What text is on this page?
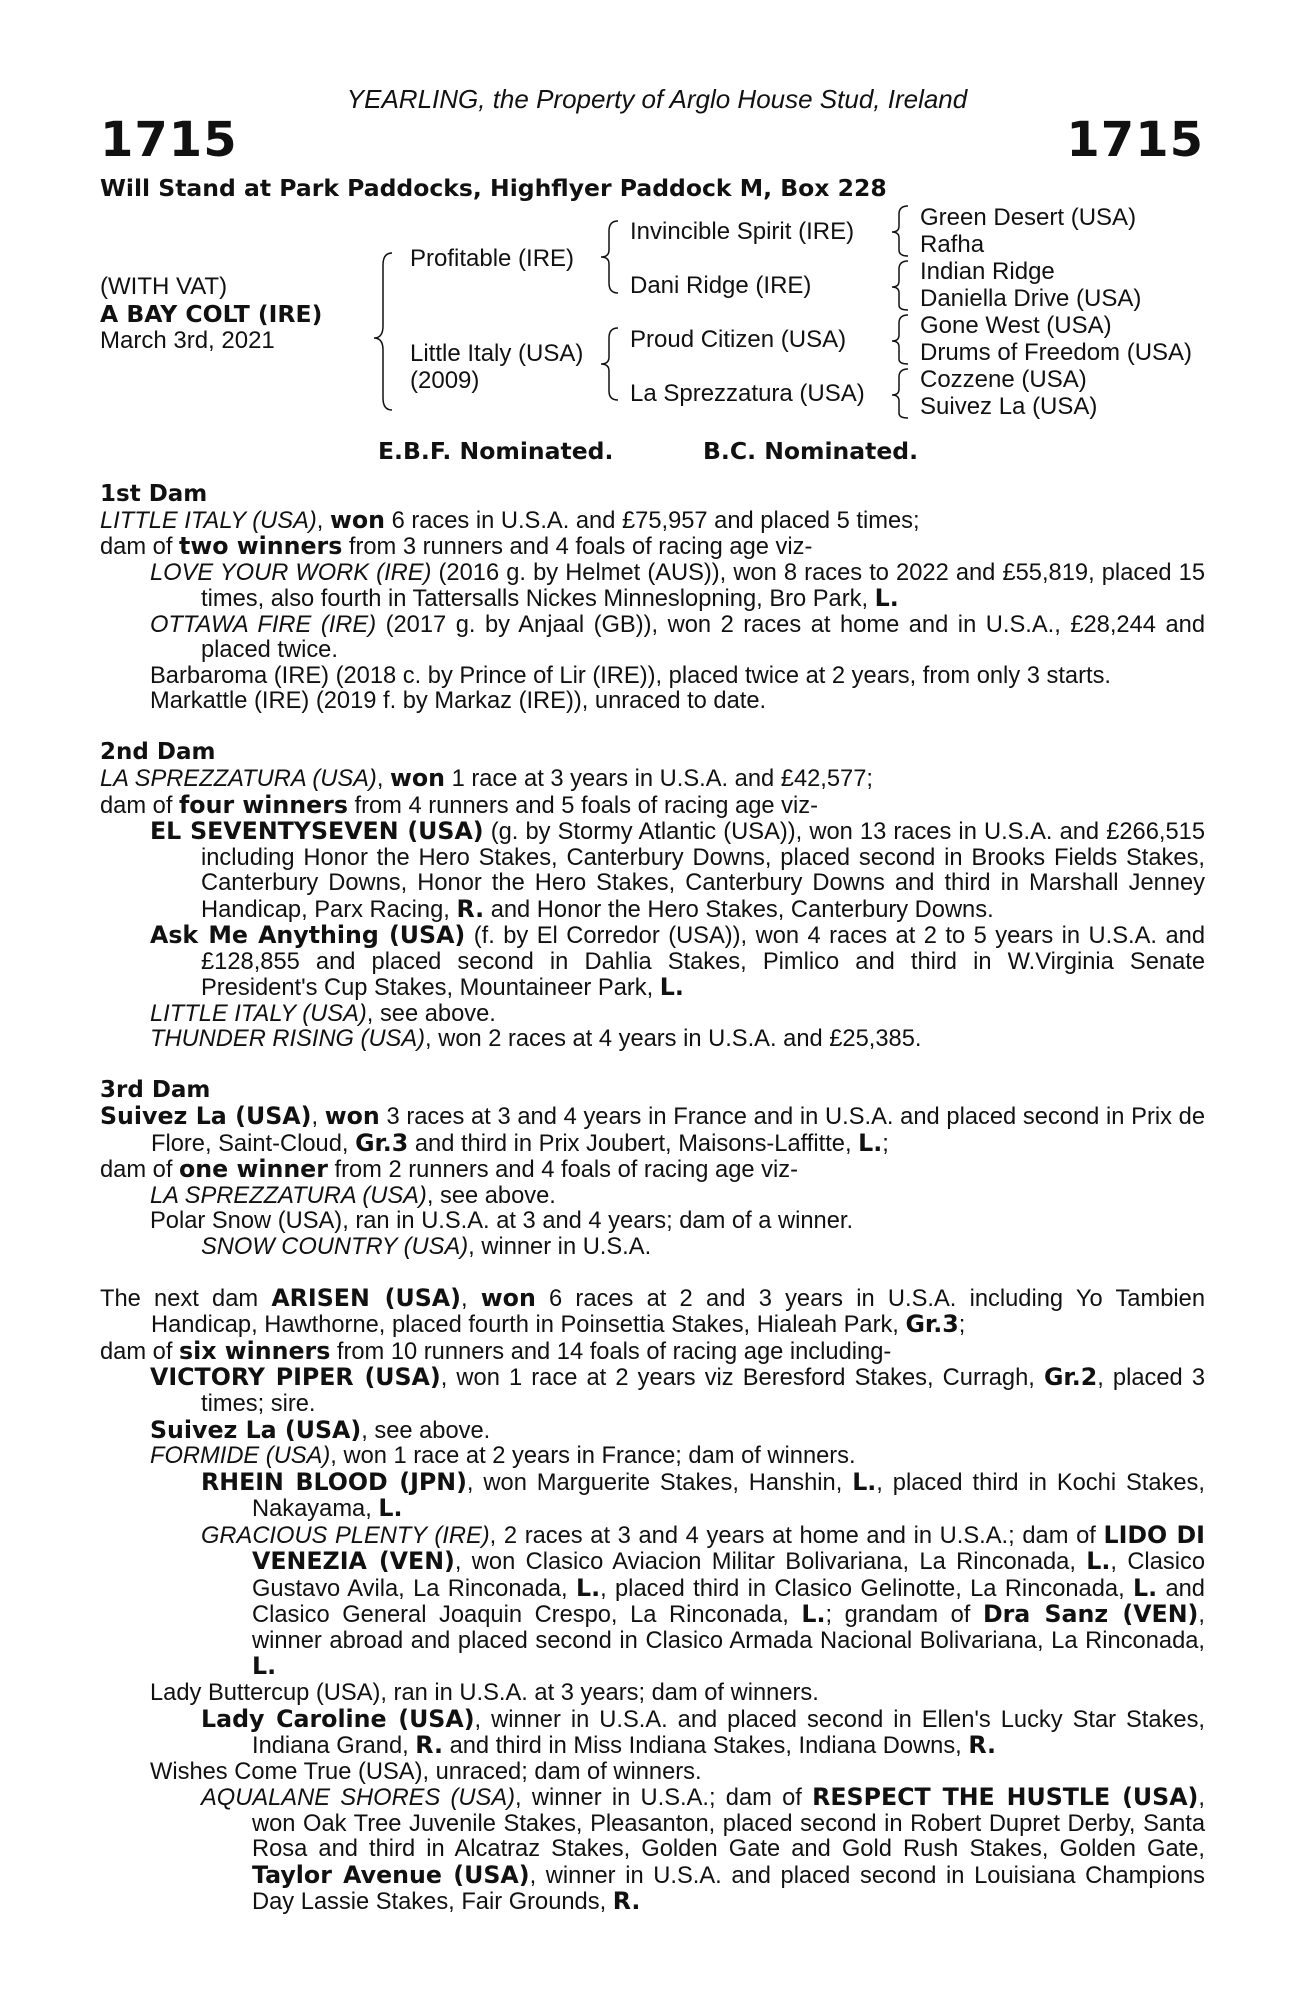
YEARLING, the Property of Arglo House Stud, Ireland
1715	1715
Will Stand at Park Paddocks, Highflyer Paddock M, Box 228
(WITH VAT)
A BAY COLT (IRE)
March 3rd, 2021
Profitable (IRE)
Little Italy (USA)
(2009)
Invincible Spirit (IRE)
Dani Ridge (IRE)
Proud Citizen (USA)
La Sprezzatura (USA)
Green Desert (USA)
Rafha
Indian Ridge
Daniella Drive (USA)
Gone West (USA)
Drums of Freedom (USA)
Cozzene (USA)
Suivez La (USA)
E.B.F. Nominated.	B.C. Nominated.

1st Dam

LITTLE ITALY (USA), won 6 races in U.S.A. and £75,957 and placed 5 times;

dam of two winners from 3 runners and 4 foals of racing age viz-

LOVE YOUR WORK (IRE) (2016 g. by Helmet (AUS)), won 8 races to 2022 and £55,819, placed 15 times, also fourth in Tattersalls Nickes Minneslopning, Bro Park, L.

OTTAWA FIRE (IRE) (2017 g. by Anjaal (GB)), won 2 races at home and in U.S.A., £28,244 and placed twice.

Barbaroma (IRE) (2018 c. by Prince of Lir (IRE)), placed twice at 2 years, from only 3 starts.

Markattle (IRE) (2019 f. by Markaz (IRE)), unraced to date.

2nd Dam

LA SPREZZATURA (USA), won 1 race at 3 years in U.S.A. and £42,577;

dam of four winners from 4 runners and 5 foals of racing age viz-

EL SEVENTYSEVEN (USA) (g. by Stormy Atlantic (USA)), won 13 races in U.S.A. and £266,515 including Honor the Hero Stakes, Canterbury Downs, placed second in Brooks Fields Stakes, Canterbury Downs, Honor the Hero Stakes, Canterbury Downs and third in Marshall Jenney Handicap, Parx Racing, R. and Honor the Hero Stakes, Canterbury Downs.

Ask Me Anything (USA) (f. by El Corredor (USA)), won 4 races at 2 to 5 years in U.S.A. and £128,855 and placed second in Dahlia Stakes, Pimlico and third in W.Virginia Senate President's Cup Stakes, Mountaineer Park, L.

LITTLE ITALY (USA), see above.

THUNDER RISING (USA), won 2 races at 4 years in U.S.A. and £25,385.

3rd Dam

Suivez La (USA), won 3 races at 3 and 4 years in France and in U.S.A. and placed second in Prix de Flore, Saint-Cloud, Gr.3 and third in Prix Joubert, Maisons-Laffitte, L.;

dam of one winner from 2 runners and 4 foals of racing age viz-

LA SPREZZATURA (USA), see above.

Polar Snow (USA), ran in U.S.A. at 3 and 4 years; dam of a winner.

SNOW COUNTRY (USA), winner in U.S.A.

The next dam ARISEN (USA), won 6 races at 2 and 3 years in U.S.A. including Yo Tambien Handicap, Hawthorne, placed fourth in Poinsettia Stakes, Hialeah Park, Gr.3;

dam of six winners from 10 runners and 14 foals of racing age including-

VICTORY PIPER (USA), won 1 race at 2 years viz Beresford Stakes, Curragh, Gr.2, placed 3 times; sire.

Suivez La (USA), see above.

FORMIDE (USA), won 1 race at 2 years in France; dam of winners.

RHEIN BLOOD (JPN), won Marguerite Stakes, Hanshin, L., placed third in Kochi Stakes, Nakayama, L.

GRACIOUS PLENTY (IRE), 2 races at 3 and 4 years at home and in U.S.A.; dam of LIDO DI VENEZIA (VEN), won Clasico Aviacion Militar Bolivariana, La Rinconada, L., Clasico Gustavo Avila, La Rinconada, L., placed third in Clasico Gelinotte, La Rinconada, L. and Clasico General Joaquin Crespo, La Rinconada, L.; grandam of Dra Sanz (VEN), winner abroad and placed second in Clasico Armada Nacional Bolivariana, La Rinconada, L.

Lady Buttercup (USA), ran in U.S.A. at 3 years; dam of winners.

Lady Caroline (USA), winner in U.S.A. and placed second in Ellen's Lucky Star Stakes, Indiana Grand, R. and third in Miss Indiana Stakes, Indiana Downs, R.

Wishes Come True (USA), unraced; dam of winners.

AQUALANE SHORES (USA), winner in U.S.A.; dam of RESPECT THE HUSTLE (USA), won Oak Tree Juvenile Stakes, Pleasanton, placed second in Robert Dupret Derby, Santa Rosa and third in Alcatraz Stakes, Golden Gate and Gold Rush Stakes, Golden Gate, Taylor Avenue (USA), winner in U.S.A. and placed second in Louisiana Champions Day Lassie Stakes, Fair Grounds, R.
